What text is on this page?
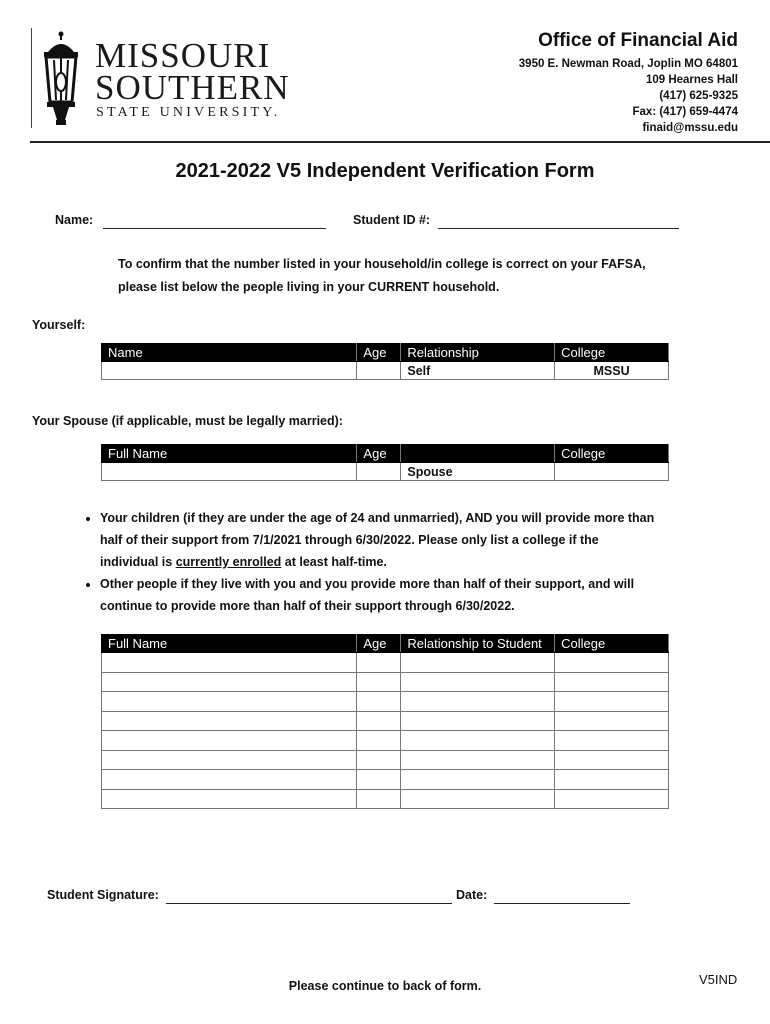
MISSOURI
SOUTHERN
STATE UNIVERSITY.
Office of Financial Aid
3950 E. Newman Road, Joplin MO 64801
109 Hearnes Hall
(417) 625-9325
Fax: (417) 659-4474
finaid@mssu.edu
2021-2022 V5 Independent Verification Form
Name:	Student ID #:
To confirm that the number listed in your household/in college is correct on your FAFSA,
please list below the people living in your CURRENT household.
Yourself:
Name	Age	Relationship	College
		Self	MSSU
Your Spouse (if applicable, must be legally married):
Full Name	Age		College
		Spouse	
• Your children (if they are under the age of 24 and unmarried), AND you will provide more than
half of their support from 7/1/2021 through 6/30/2022. Please only list a college if the
individual is currently enrolled at least half-time.
• Other people if they live with you and you provide more than half of their support, and will
continue to provide more than half of their support through 6/30/2022.
Full Name	Age	Relationship to Student	College

Student Signature:	Date:
Please continue to back of form.	V5IND
